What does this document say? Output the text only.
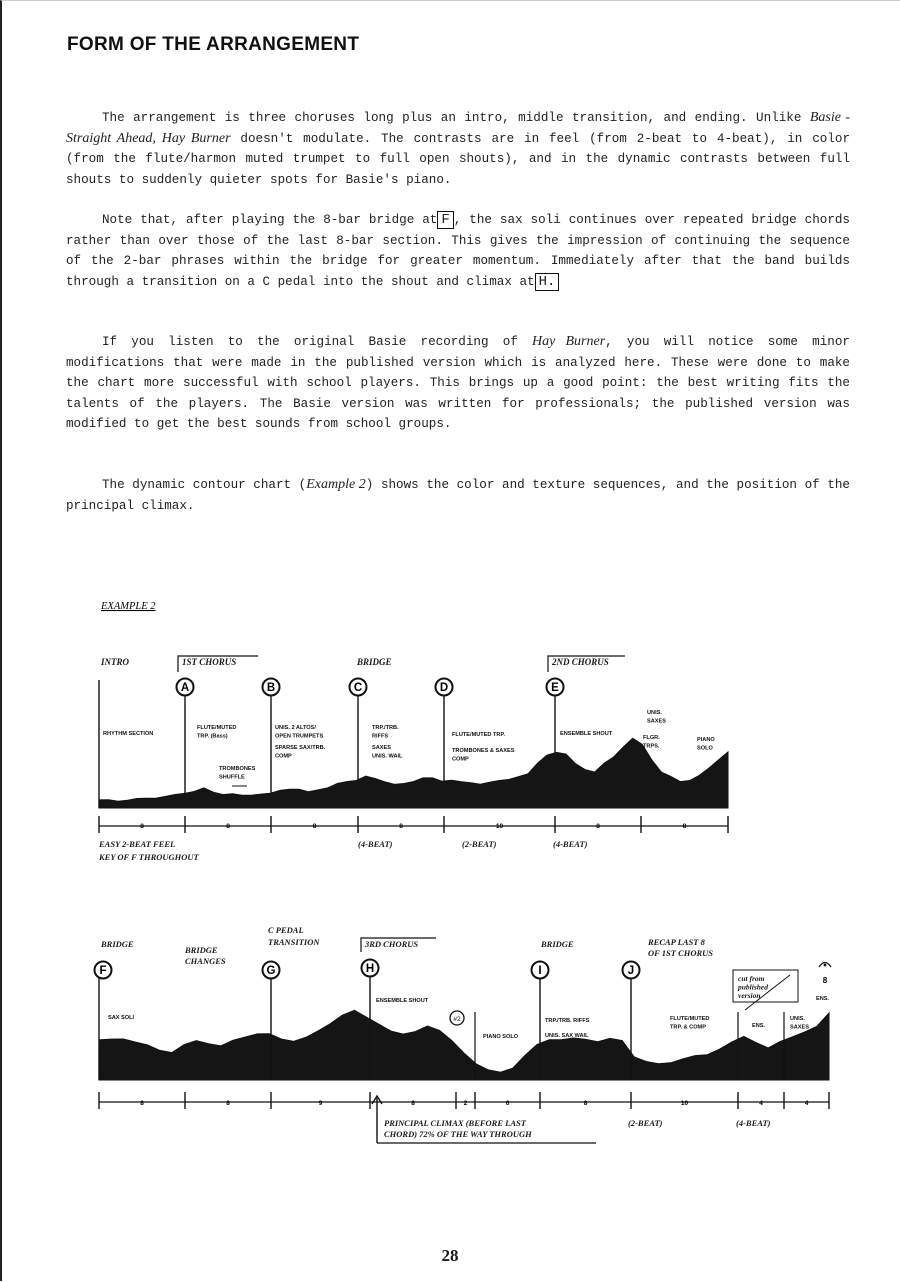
FORM OF THE ARRANGEMENT

The arrangement is three choruses long plus an intro, middle transition, and ending. Unlike Basie - Straight Ahead, Hay Burner doesn't modulate. The contrasts are in feel (from 2-beat to 4-beat), in color (from the flute/harmon muted trumpet to full open shouts), and in the dynamic contrasts between full shouts to suddenly quieter spots for Basie's piano.

Note that, after playing the 8-bar bridge at F , the sax soli continues over repeated bridge chords rather than over those of the last 8-bar section. This gives the impression of continuing the sequence of the 2-bar phrases within the bridge for greater momentum. Immediately after that the band builds through a transition on a C pedal into the shout and climax at H.

If you listen to the original Basie recording of Hay Burner, you will notice some minor modifications that were made in the published version which is analyzed here. These were done to make the chart more successful with school players. This brings up a good point: the best writing fits the talents of the players. The Basie version was written for professionals; the published version was modified to get the best sounds from school groups.

The dynamic contour chart (Example 2) shows the color and texture sequences, and the position of the principal climax.

EXAMPLE 2
INTRO	1ST CHORUS	BRIDGE	2ND CHORUS
A	B	C	D	E
RHYTHM SECTION
FLUTE/MUTED TRP. (Bass)
TROMBONES SHUFFLE
UNIS. 2 ALTOS/ OPEN TRUMPETS
SPARSE SAX/TRB. COMP
TRP./TRB. RIFFS
SAXES UNIS. WAIL
FLUTE/MUTED TRP.
TROMBONES & SAXES COMP
ENSEMBLE SHOUT
UNIS. SAXES
FLGR. TRPS.
PIANO SOLO
8	8	8	8	10	8	8
EASY 2-BEAT FEEL
KEY OF F THROUGHOUT
(4-BEAT)	(2-BEAT)	(4-BEAT)
BRIDGE
BRIDGE
CHANGES
C PEDAL
TRANSITION	3RD CHORUS	BRIDGE	RECAP LAST 8
OF 1ST CHORUS
F	G	H	I	J
SAX SOLI
ENSEMBLE SHOUT
PIANO SOLO
TRP./TRB. RIFFS
UNIS. SAX WAIL
FLUTE/MUTED TRP. & COMP	ENS.
UNIS. SAXES
ENS.
#2
cut from
published
version
8
8	8	9	8	2	6	8	10	4	4
PRINCIPAL CLIMAX (BEFORE LAST
CHORD) 72% OF THE WAY THROUGH
(2-BEAT)	(4-BEAT)
28
